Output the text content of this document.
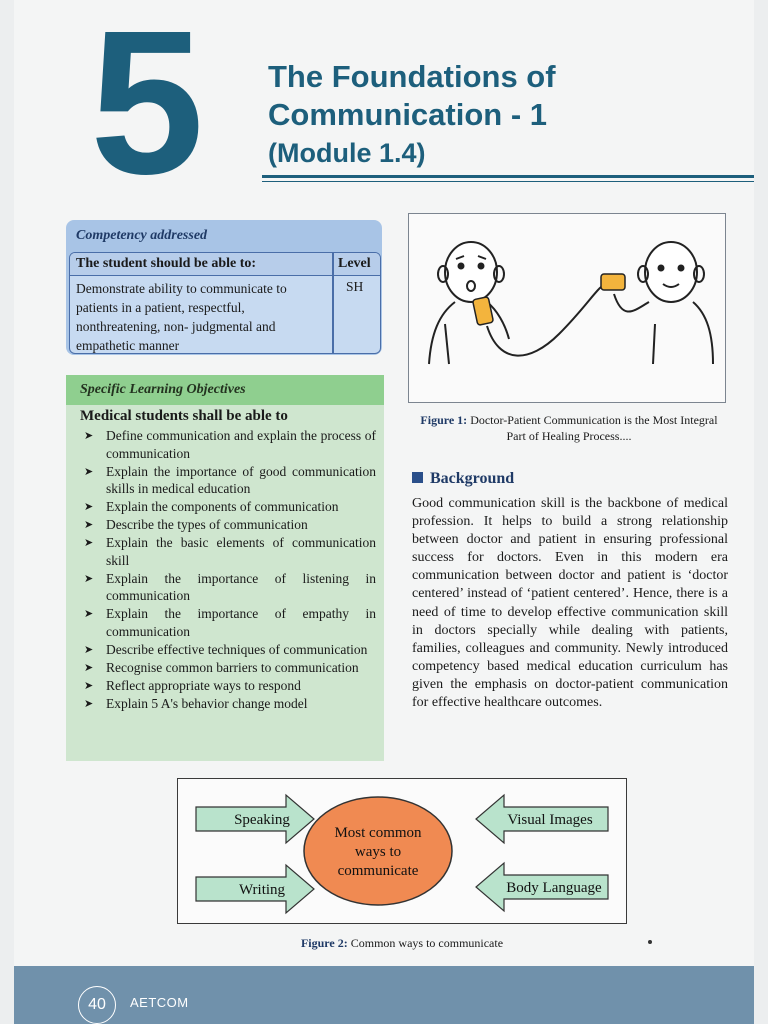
5 The Foundations of
Communication - 1
(Module 1.4)
Competency addressed
The student should be able to:	Level
Demonstrate ability to communicate to patients in a patient, respectful, nonthreatening, non- judgmental and empathetic manner
SH
Specific Learning Objectives
Medical students shall be able to
➤ Define communication and explain the process of communication
➤ Explain the importance of good communication skills in medical education
➤ Explain the components of communication
➤ Describe the types of communication
➤ Explain the basic elements of communication skill
➤ Explain the importance of listening in communication
➤ Explain the importance of empathy in communication
➤ Describe effective techniques of communication
➤ Recognise common barriers to communication
➤ Reflect appropriate ways to respond
➤ Explain 5 A's behavior change model
Figure 1: Doctor-Patient Communication is the Most Integral Part of Healing Process....
Background

Good communication skill is the backbone of medical profession. It helps to build a strong relationship between doctor and patient in ensuring professional success for doctors. Even in this modern era communication between doctor and patient is ‘doctor centered’ instead of ‘patient centered’. Hence, there is a need of time to develop effective communication skill in doctors specially while dealing with patients, families, colleagues and community. Newly introduced competency based medical education curriculum has given the emphasis on doctor-patient communication for effective healthcare outcomes.

Most common
ways to
communicate
Speaking
Writing
Visual Images
Body Language
Figure 2: Common ways to communicate
40	AETCOM
